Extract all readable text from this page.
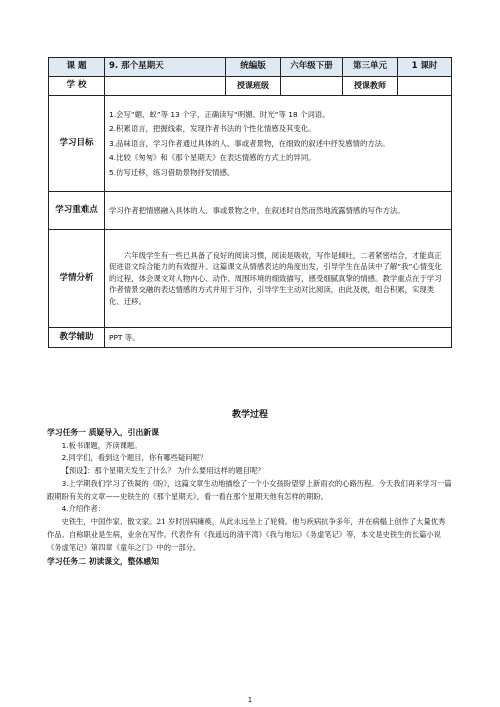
课 题	9. 那个星期天	统编版	六年级下册	第三单元	1 课时
学 校		授课班级		授课教师	
学习目标	1.会写“媚、蚁”等 13 个字，正确读写“明媚、时光”等 18 个词语。
2.积累语言，把握线索，发现作者书法的个性化情感及其变化。
3.品味语言，学习作者通过具体的人、事或者景物，在细致的叙述中抒发感情的方法。
4.比较《匆匆》和《那个星期天》在表达情感的方式上的异同。
5.仿写迁移，练习借助景物抒发情感。				

学习重难点	学习作者把情感融入具体的人、事或景物之中，在叙述时自然而然地流露情感的写作方法。				
学情分析	六年级学生有一些已具备了良好的阅读习惯，阅读是吸收，写作是倾吐，二者紧密结合，才能真正促进语文综合能力的有效提升。这篇课文从情感表达的角度出发，引导学生在品读中了解“我”心情变化的过程，体会课文对人物内心、动作、周围环境的细致描写，感受细腻真挚的情感。教学重点在于学习作者情景交融的表达情感的方式并用于习作，引导学生主动对比阅读，由此及彼，组合积累，实现类化、迁移。				

教学辅助	PPT 等。				
教学过程
学习任务一 质疑导入，引出新课

1.板书课题，齐读课题。

2.同学们，看到这个题目，你有哪些疑问呢？

【预设】：那个星期天发生了什么？ 为什么要用这样的题目呢？

3.上学期我们学习了铁凝的《盼》，这篇文章生动地描绘了一个小女孩盼望穿上新雨衣的心路历程。今天我们再来学习一篇跟期盼有关的文章——史铁生的《那个星期天》，看一看在那个星期天他有怎样的期盼。

4.介绍作者：

史铁生，中国作家、散文家。21 岁时因病瘫痪，从此永远坐上了轮椅。他与疾病抗争多年，并在病榻上创作了大量优秀作品。自称职业是生病，业余在写作。代表作有《我遥远的清平湾》《我与地坛》《务虚笔记》等，本文是史铁生的长篇小说《务虚笔记》第四章《童年之门》中的一部分。

学习任务二 初读课文，整体感知
1
